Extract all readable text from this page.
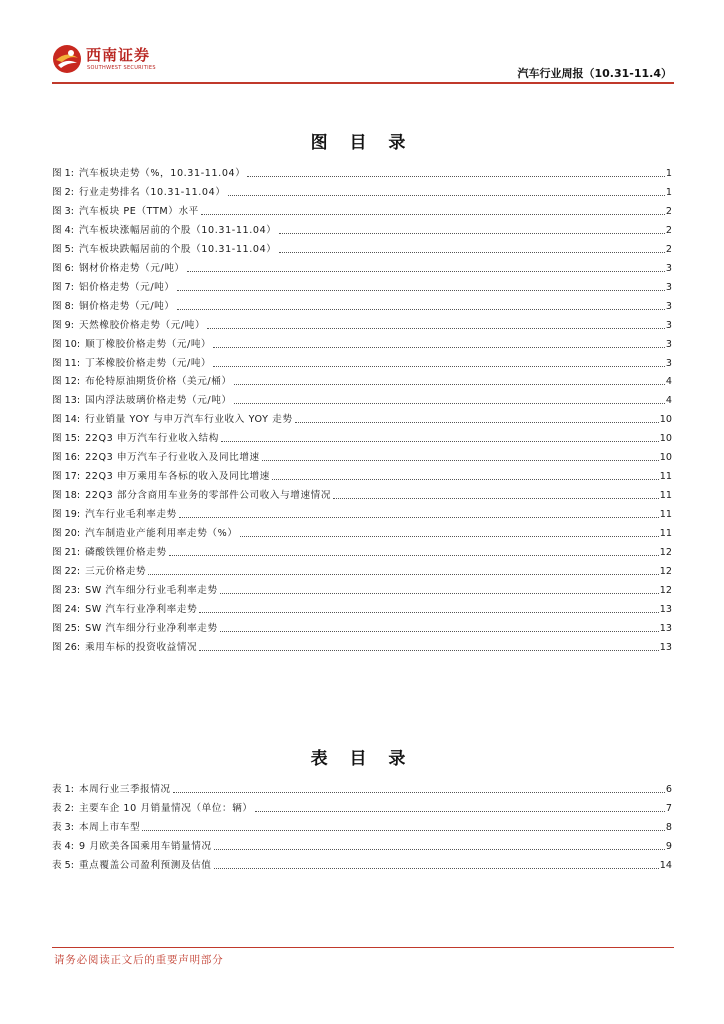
西南证券
SOUTHWEST SECURITIES	汽车行业周报（10.31-11.4）
图 目 录
图 1: 汽车板块走势（%，10.31-11.04）	1
图 2: 行业走势排名（10.31-11.04）	1
图 3: 汽车板块 PE（TTM）水平	2
图 4: 汽车板块涨幅居前的个股（10.31-11.04）	2
图 5: 汽车板块跌幅居前的个股（10.31-11.04）	2
图 6: 钢材价格走势（元/吨）	3
图 7: 铝价格走势（元/吨）	3
图 8: 铜价格走势（元/吨）	3
图 9: 天然橡胶价格走势（元/吨）	3
图 10: 顺丁橡胶价格走势（元/吨）	3
图 11: 丁苯橡胶价格走势（元/吨）	3
图 12: 布伦特原油期货价格（美元/桶）	4
图 13: 国内浮法玻璃价格走势（元/吨）	4
图 14: 行业销量 YOY 与申万汽车行业收入 YOY 走势	10
图 15: 22Q3 申万汽车行业收入结构	10
图 16: 22Q3 申万汽车子行业收入及同比增速	10
图 17: 22Q3 申万乘用车各标的收入及同比增速	11
图 18: 22Q3 部分含商用车业务的零部件公司收入与增速情况	11
图 19: 汽车行业毛利率走势	11
图 20: 汽车制造业产能利用率走势（%）	11
图 21: 磷酸铁锂价格走势	12
图 22: 三元价格走势	12
图 23: SW 汽车细分行业毛利率走势	12
图 24: SW 汽车行业净利率走势	13
图 25: SW 汽车细分行业净利率走势	13
图 26: 乘用车标的投资收益情况	13
表 目 录
表 1: 本周行业三季报情况	6
表 2: 主要车企 10 月销量情况（单位：辆）	7
表 3: 本周上市车型	8
表 4: 9 月欧美各国乘用车销量情况	9
表 5: 重点覆盖公司盈利预测及估值	14
请务必阅读正文后的重要声明部分
